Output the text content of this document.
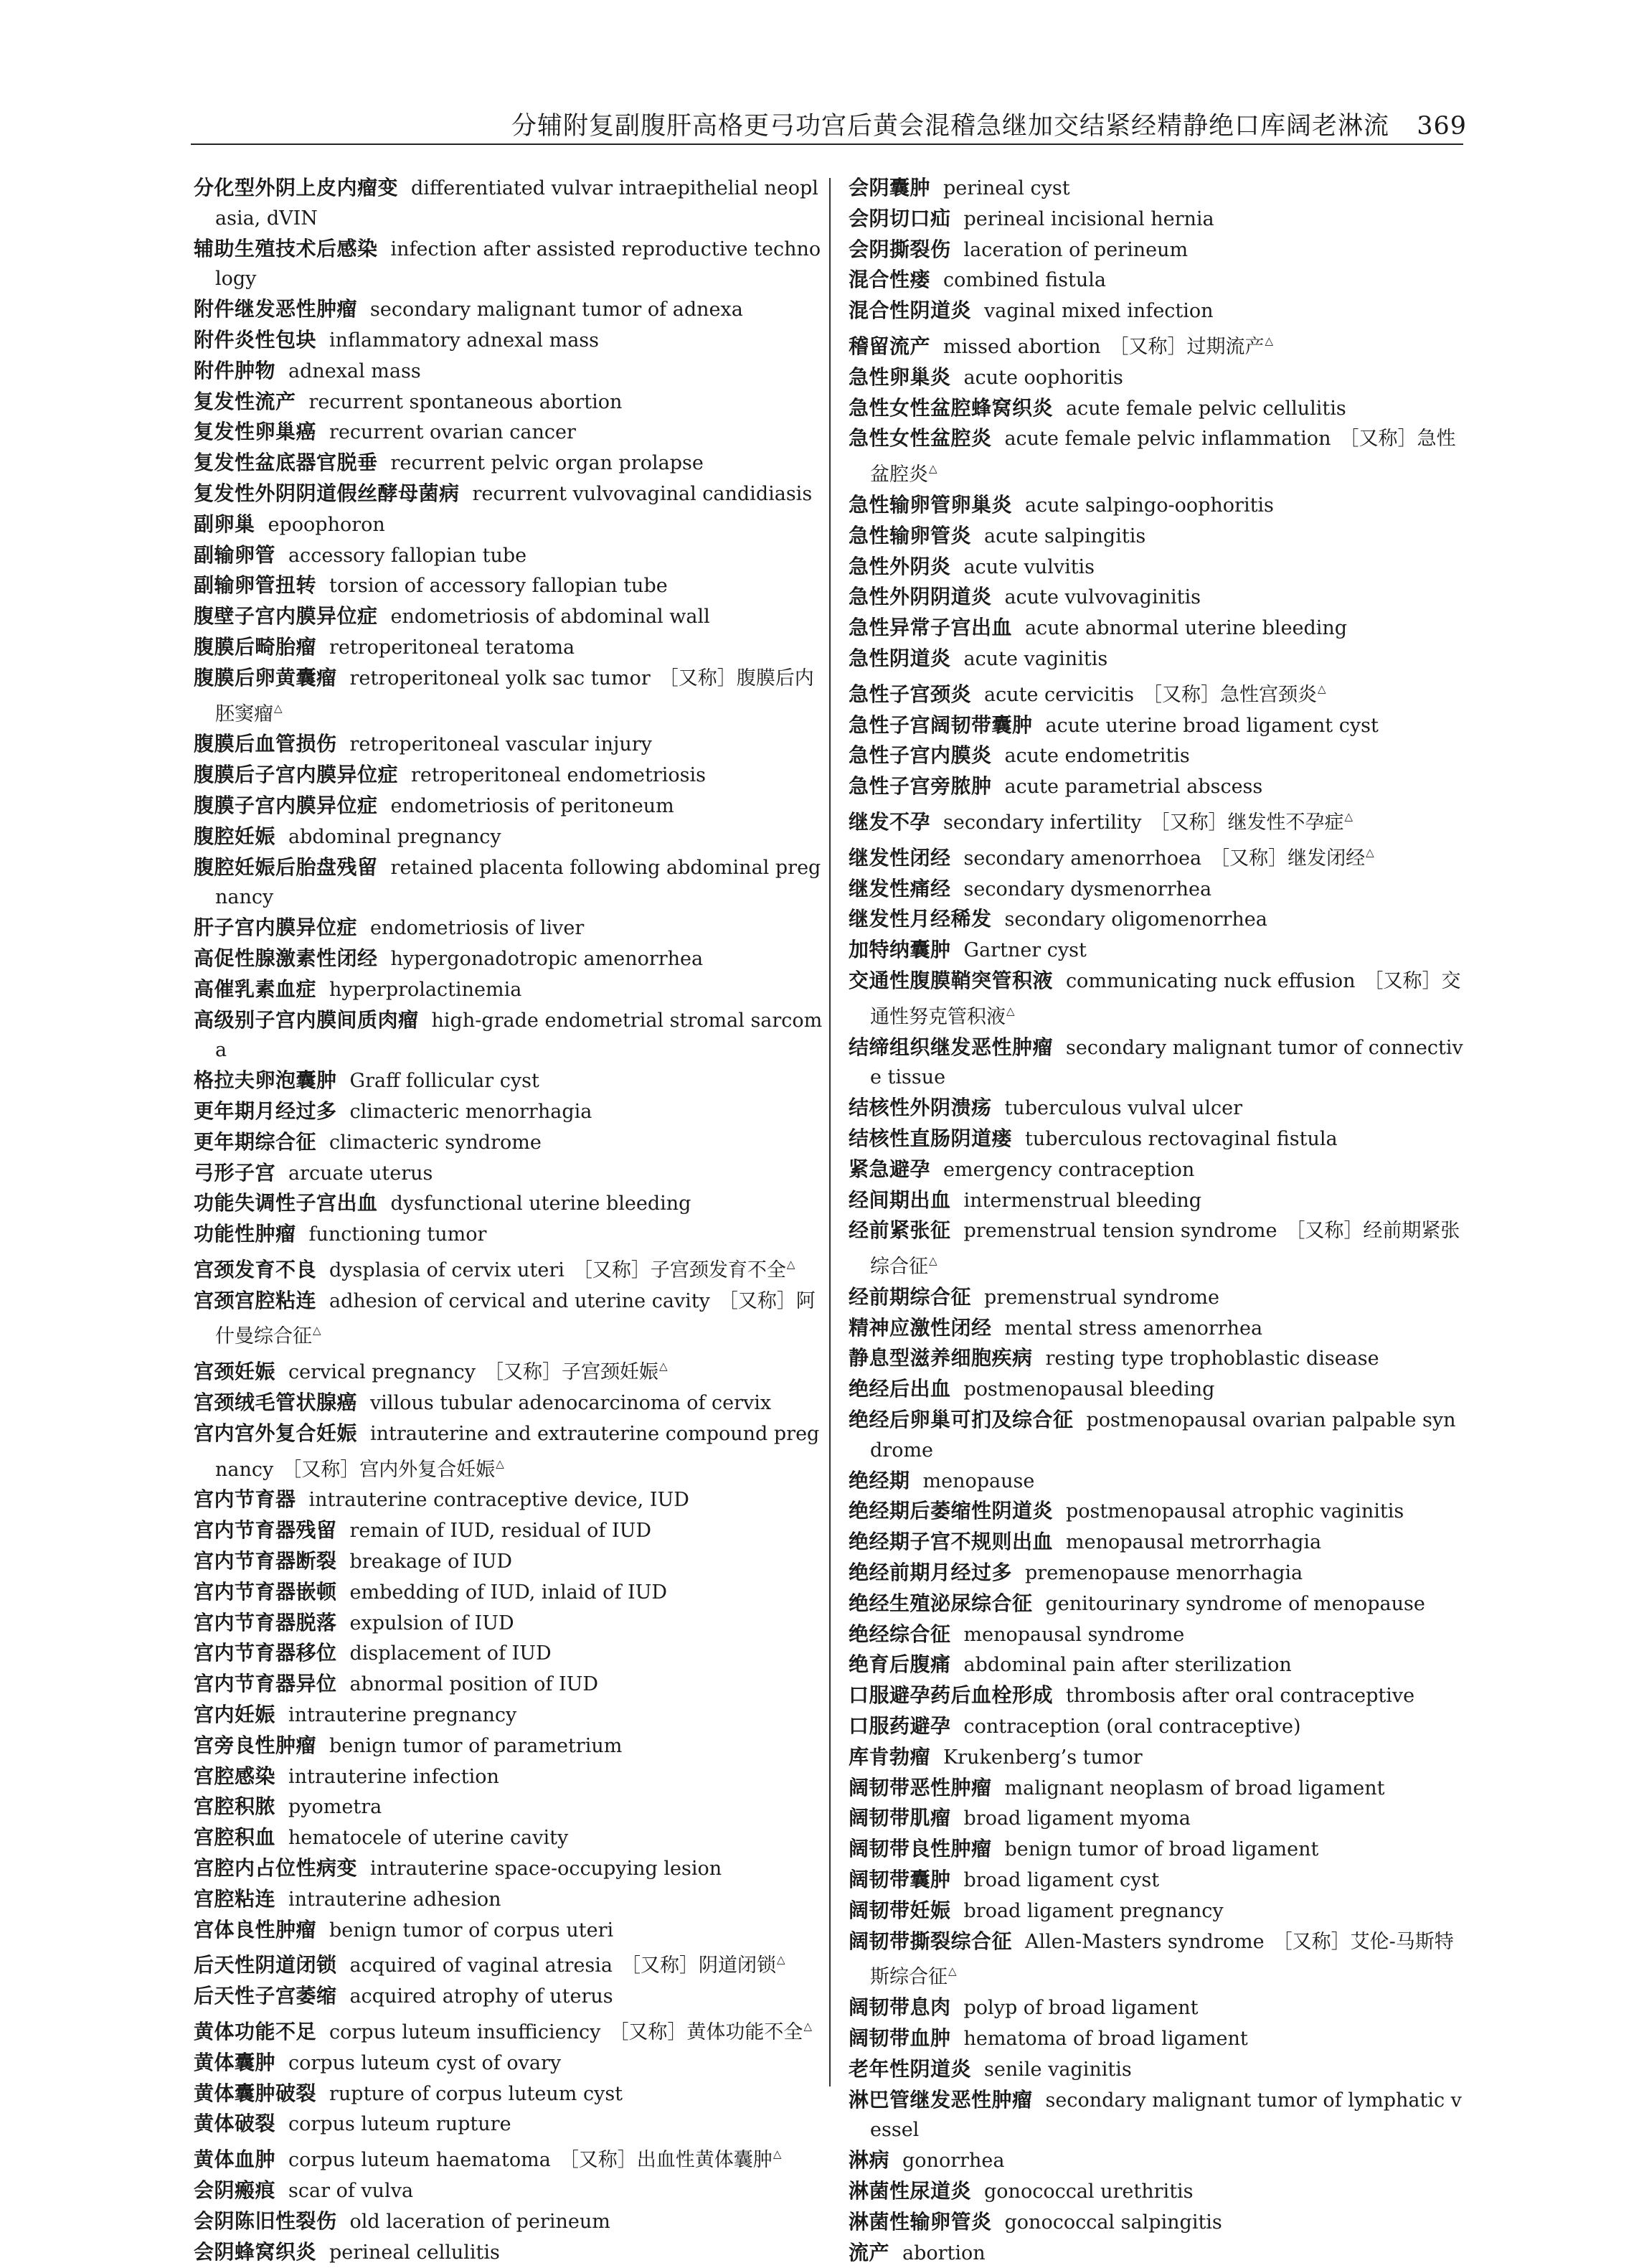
分辅附复副腹肝高格更弓功宫后黄会混稽急继加交结紧经精静绝口库阔老淋流 369
分化型外阴上皮内瘤变 differentiated vulvar intraepithelial neoplasia, dVIN
辅助生殖技术后感染 infection after assisted reproductive technology
附件继发恶性肿瘤 secondary malignant tumor of adnexa
附件炎性包块 inflammatory adnexal mass
附件肿物 adnexal mass
复发性流产 recurrent spontaneous abortion
复发性卵巢癌 recurrent ovarian cancer
复发性盆底器官脱垂 recurrent pelvic organ prolapse
复发性外阴阴道假丝酵母菌病 recurrent vulvovaginal candidiasis
副卵巢 epoophoron
副输卵管 accessory fallopian tube
副输卵管扭转 torsion of accessory fallopian tube
腹壁子宫内膜异位症 endometriosis of abdominal wall
腹膜后畸胎瘤 retroperitoneal teratoma
腹膜后卵黄囊瘤 retroperitoneal yolk sac tumor ［又称］腹膜后内胚窦瘤 △
腹膜后血管损伤 retroperitoneal vascular injury
腹膜后子宫内膜异位症 retroperitoneal endometriosis
腹膜子宫内膜异位症 endometriosis of peritoneum
腹腔妊娠 abdominal pregnancy
腹腔妊娠后胎盘残留 retained placenta following abdominal pregnancy
肝子宫内膜异位症 endometriosis of liver
高促性腺激素性闭经 hypergonadotropic amenorrhea
高催乳素血症 hyperprolactinemia
高级别子宫内膜间质肉瘤 high-grade endometrial stromal sarcoma
格拉夫卵泡囊肿 Graff follicular cyst
更年期月经过多 climacteric menorrhagia
更年期综合征 climacteric syndrome
弓形子宫 arcuate uterus
功能失调性子宫出血 dysfunctional uterine bleeding
功能性肿瘤 functioning tumor
宫颈发育不良 dysplasia of cervix uteri ［又称］子宫颈发育不全 △
宫颈宫腔粘连 adhesion of cervical and uterine cavity ［又称］阿什曼综合征 △
宫颈妊娠 cervical pregnancy ［又称］子宫颈妊娠 △
宫颈绒毛管状腺癌 villous tubular adenocarcinoma of cervix
宫内宫外复合妊娠 intrauterine and extrauterine compound pregnancy ［又称］宫内外复合妊娠 △
宫内节育器 intrauterine contraceptive device, IUD
宫内节育器残留 remain of IUD, residual of IUD
宫内节育器断裂 breakage of IUD
宫内节育器嵌顿 embedding of IUD, inlaid of IUD
宫内节育器脱落 expulsion of IUD
宫内节育器移位 displacement of IUD
宫内节育器异位 abnormal position of IUD
宫内妊娠 intrauterine pregnancy
宫旁良性肿瘤 benign tumor of parametrium
宫腔感染 intrauterine infection
宫腔积脓 pyometra
宫腔积血 hematocele of uterine cavity
宫腔内占位性病变 intrauterine space-occupying lesion
宫腔粘连 intrauterine adhesion
宫体良性肿瘤 benign tumor of corpus uteri
后天性阴道闭锁 acquired of vaginal atresia ［又称］阴道闭锁 △
后天性子宫萎缩 acquired atrophy of uterus
黄体功能不足 corpus luteum insufficiency ［又称］黄体功能不全 △
黄体囊肿 corpus luteum cyst of ovary
黄体囊肿破裂 rupture of corpus luteum cyst
黄体破裂 corpus luteum rupture
黄体血肿 corpus luteum haematoma ［又称］出血性黄体囊肿 △
会阴瘢痕 scar of vulva
会阴陈旧性裂伤 old laceration of perineum
会阴蜂窝织炎 perineal cellulitis
会阴囊肿 perineal cyst
会阴切口疝 perineal incisional hernia
会阴撕裂伤 laceration of perineum
混合性瘘 combined fistula
混合性阴道炎 vaginal mixed infection
稽留流产 missed abortion ［又称］过期流产 △
急性卵巢炎 acute oophoritis
急性女性盆腔蜂窝织炎 acute female pelvic cellulitis
急性女性盆腔炎 acute female pelvic inflammation ［又称］急性盆腔炎 △
急性输卵管卵巢炎 acute salpingo-oophoritis
急性输卵管炎 acute salpingitis
急性外阴炎 acute vulvitis
急性外阴阴道炎 acute vulvovaginitis
急性异常子宫出血 acute abnormal uterine bleeding
急性阴道炎 acute vaginitis
急性子宫颈炎 acute cervicitis ［又称］急性宫颈炎 △
急性子宫阔韧带囊肿 acute uterine broad ligament cyst
急性子宫内膜炎 acute endometritis
急性子宫旁脓肿 acute parametrial abscess
继发不孕 secondary infertility ［又称］继发性不孕症 △
继发性闭经 secondary amenorrhoea ［又称］继发闭经 △
继发性痛经 secondary dysmenorrhea
继发性月经稀发 secondary oligomenorrhea
加特纳囊肿 Gartner cyst
交通性腹膜鞘突管积液 communicating nuck effusion ［又称］交通性努克管积液 △
结缔组织继发恶性肿瘤 secondary malignant tumor of connective tissue
结核性外阴溃疡 tuberculous vulval ulcer
结核性直肠阴道瘘 tuberculous rectovaginal fistula
紧急避孕 emergency contraception
经间期出血 intermenstrual bleeding
经前紧张征 premenstrual tension syndrome ［又称］经前期紧张综合征 △
经前期综合征 premenstrual syndrome
精神应激性闭经 mental stress amenorrhea
静息型滋养细胞疾病 resting type trophoblastic disease
绝经后出血 postmenopausal bleeding
绝经后卵巢可扪及综合征 postmenopausal ovarian palpable syndrome
绝经期 menopause
绝经期后萎缩性阴道炎 postmenopausal atrophic vaginitis
绝经期子宫不规则出血 menopausal metrorrhagia
绝经前期月经过多 premenopause menorrhagia
绝经生殖泌尿综合征 genitourinary syndrome of menopause
绝经综合征 menopausal syndrome
绝育后腹痛 abdominal pain after sterilization
口服避孕药后血栓形成 thrombosis after oral contraceptive
口服药避孕 contraception (oral contraceptive)
库肯勃瘤 Krukenberg’s tumor
阔韧带恶性肿瘤 malignant neoplasm of broad ligament
阔韧带肌瘤 broad ligament myoma
阔韧带良性肿瘤 benign tumor of broad ligament
阔韧带囊肿 broad ligament cyst
阔韧带妊娠 broad ligament pregnancy
阔韧带撕裂综合征 Allen-Masters syndrome ［又称］艾伦-马斯特斯综合征 △
阔韧带息肉 polyp of broad ligament
阔韧带血肿 hematoma of broad ligament
老年性阴道炎 senile vaginitis
淋巴管继发恶性肿瘤 secondary malignant tumor of lymphatic vessel
淋病 gonorrhea
淋菌性尿道炎 gonococcal urethritis
淋菌性输卵管炎 gonococcal salpingitis
流产 abortion
